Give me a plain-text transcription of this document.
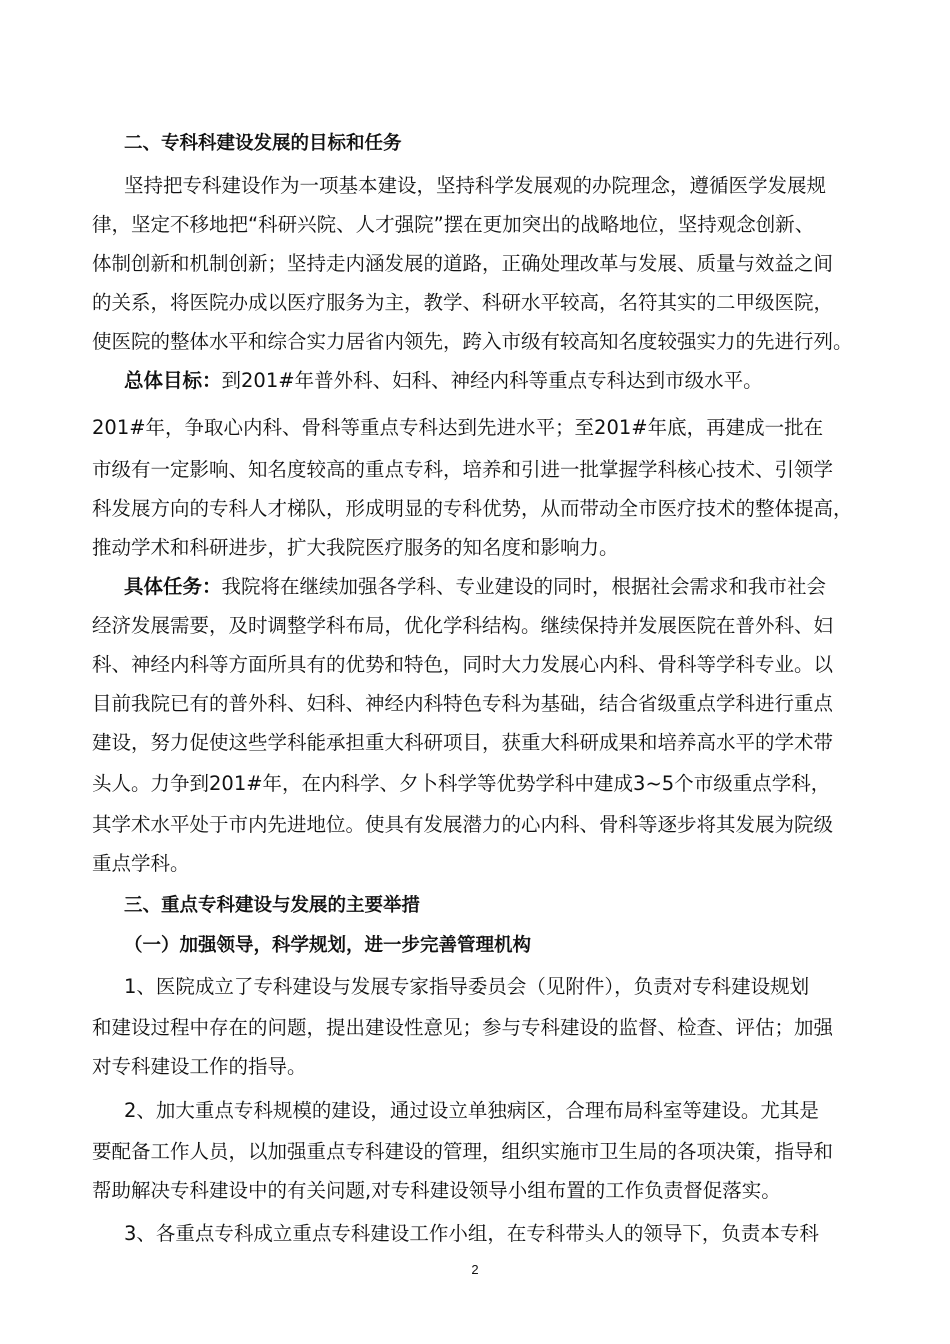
二、专科科建设发展的目标和任务
坚持把专科建设作为一项基本建设，坚持科学发展观的办院理念，遵循医学发展规
律，坚定不移地把“科研兴院、人才强院”摆在更加突出的战略地位，坚持观念创新、
体制创新和机制创新；坚持走内涵发展的道路，正确处理改革与发展、质量与效益之间
的关系，将医院办成以医疗服务为主，教学、科研水平较高，名符其实的二甲级医院，
使医院的整体水平和综合实力居省内领先，跨入市级有较高知名度较强实力的先进行列。
总体目标：到201#年普外科、妇科、神经内科等重点专科达到市级水平。
201#年，争取心内科、骨科等重点专科达到先进水平；至201#年底，再建成一批在
市级有一定影响、知名度较高的重点专科，培养和引进一批掌握学科核心技术、引领学
科发展方向的专科人才梯队，形成明显的专科优势，从而带动全市医疗技术的整体提高，
推动学术和科研进步，扩大我院医疗服务的知名度和影响力。
具体任务：我院将在继续加强各学科、专业建设的同时，根据社会需求和我市社会
经济发展需要，及时调整学科布局，优化学科结构。继续保持并发展医院在普外科、妇
科、神经内科等方面所具有的优势和特色，同时大力发展心内科、骨科等学科专业。以
目前我院已有的普外科、妇科、神经内科特色专科为基础，结合省级重点学科进行重点
建设，努力促使这些学科能承担重大科研项目，获重大科研成果和培养高水平的学术带
头人。力争到201#年，在内科学、夕卜科学等优势学科中建成3~5个市级重点学科，
其学术水平处于市内先进地位。使具有发展潜力的心内科、骨科等逐步将其发展为院级
重点学科。
三、重点专科建设与发展的主要举措
（一）加强领导，科学规划，进一步完善管理机构
1、医院成立了专科建设与发展专家指导委员会（见附件），负责对专科建设规划
和建设过程中存在的问题，提出建设性意见；参与专科建设的监督、检查、评估；加强
对专科建设工作的指导。
2、加大重点专科规模的建设，通过设立单独病区，合理布局科室等建设。尤其是
要配备工作人员，以加强重点专科建设的管理，组织实施市卫生局的各项决策，指导和
帮助解决专科建设中的有关问题,对专科建设领导小组布置的工作负责督促落实。
3、各重点专科成立重点专科建设工作小组，在专科带头人的领导下，负责本专科
2
